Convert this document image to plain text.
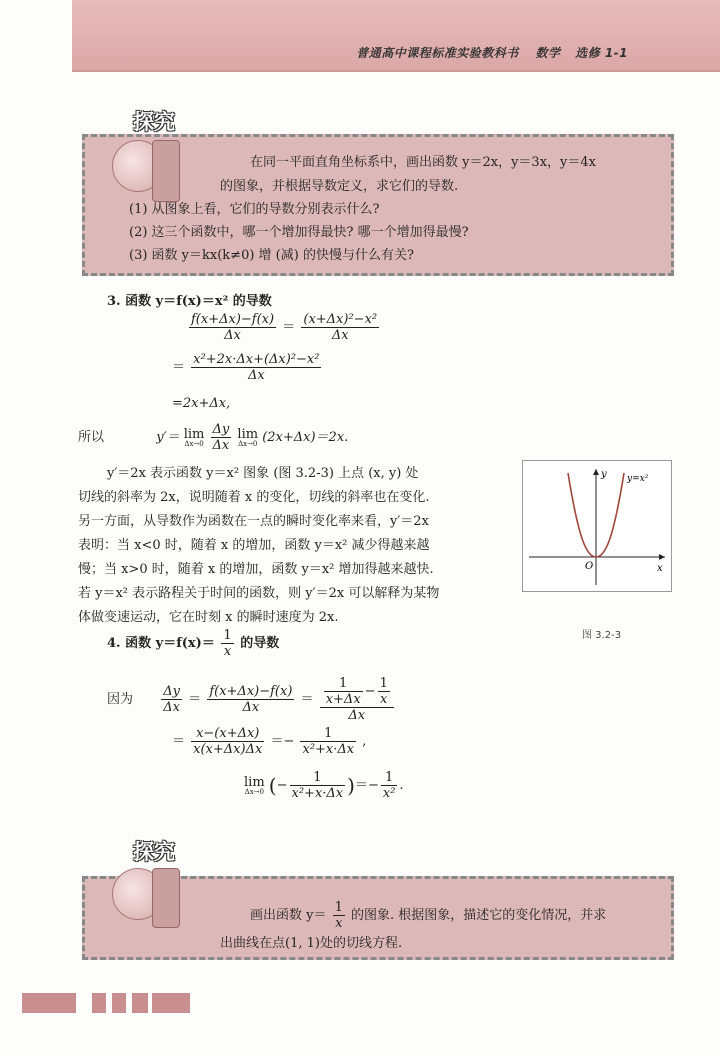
普通高中课程标准实验教科书 数学 选修 1-1
探究
在同一平面直角坐标系中，画出函数 y＝2x，y＝3x，y＝4x
的图象，并根据导数定义，求它们的导数.
(1) 从图象上看，它们的导数分别表示什么?
(2) 这三个函数中，哪一个增加得最快? 哪一个增加得最慢?
(3) 函数 y＝kx(k≠0) 增 (减) 的快慢与什么有关?
3. 函数 y＝f(x)＝x² 的导数
$\frac{f(x+\Delta x)-f(x)}{\Delta x} = \frac{\text{(x+Δx)²−x²}}{\Delta x}$
＝ $\frac{\text{x²+2x·Δx+(Δx)²−x²}}{\Delta x}$
=2x+Δx,
所以	y′＝ lim
Δx→0
$\frac{\Delta y}{\Delta x}$ lim
Δx→0 (2x+Δx)＝2x.
y′＝2x 表示函数 y＝x² 图象 (图 3.2-3) 上点 (x, y) 处
切线的斜率为 2x，说明随着 x 的变化，切线的斜率也在变化.
另一方面，从导数作为函数在一点的瞬时变化率来看，y′＝2x
表明：当 x<0 时，随着 x 的增加，函数 y＝x² 减少得越来越
慢；当 x>0 时，随着 x 的增加，函数 y＝x² 增加得越来越快.
若 y＝x² 表示路程关于时间的函数，则 y′＝2x 可以解释为某物
体做变速运动，它在时刻 x 的瞬时速度为 2x.
y
x
O
y=x²
图 3.2-3
4. 函数 $y=f(x)= \frac{1}{x}$ 的导数
因为 $\frac{\Delta y}{\Delta x} = \frac{f(x+\Delta x)-f(x)}{\Delta x} = \frac{\frac{1}{x+\Delta x} - \frac{1}{x}}{\Delta x}$
＝ $\frac{x-(x+\Delta x)}{x(x+\Delta x)\Delta x} =- \frac{1}{\text{x²+x·Δx}}$ ,
lim
Δx→0 (− $\frac{1}{\text{x²+x·Δx}}$ )＝− $\frac{1}{\text{x²}}$ .
探究
画出函数 $y= \frac{1}{x}$ 的图象. 根据图象，描述它的变化情况，并求
出曲线在点(1, 1)处的切线方程.
